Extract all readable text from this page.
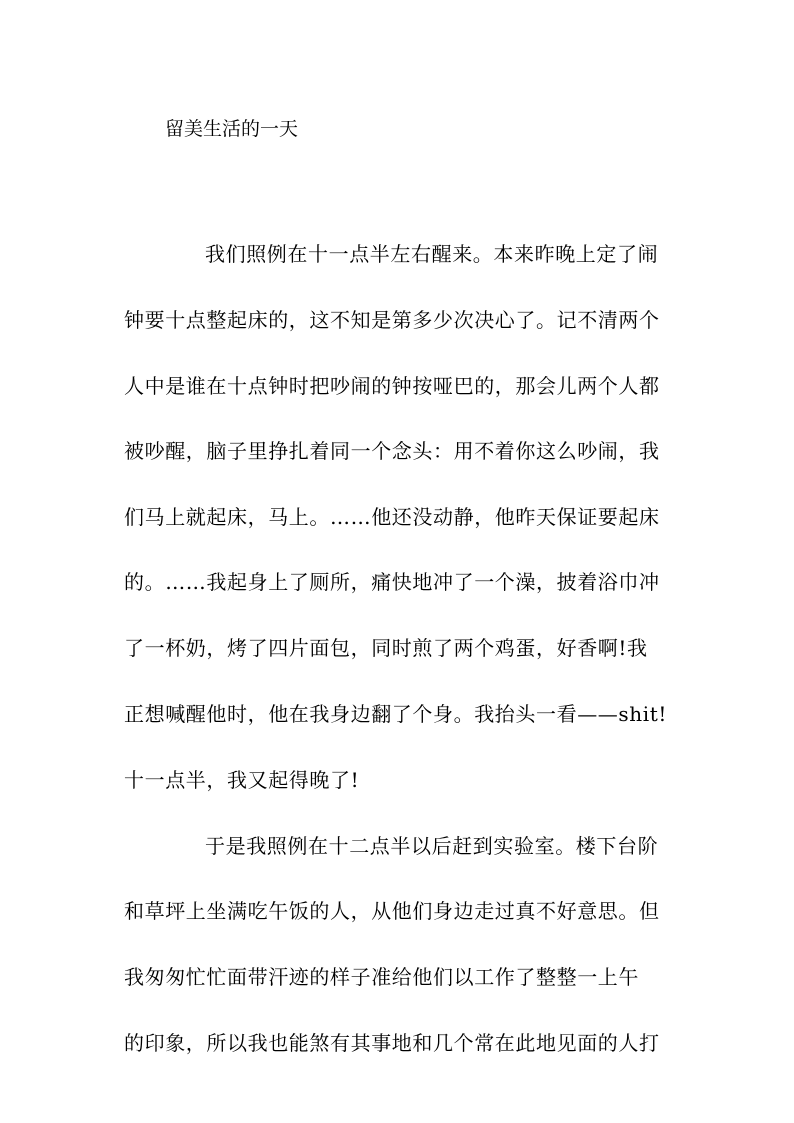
留美生活的一天
我们照例在十一点半左右醒来。本来昨晚上定了闹
钟要十点整起床的，这不知是第多少次决心了。记不清两个
人中是谁在十点钟时把吵闹的钟按哑巴的，那会儿两个人都
被吵醒，脑子里挣扎着同一个念头：用不着你这么吵闹，我
们马上就起床，马上。……他还没动静，他昨天保证要起床
的。……我起身上了厕所，痛快地冲了一个澡，披着浴巾冲
了一杯奶，烤了四片面包，同时煎了两个鸡蛋，好香啊!我
正想喊醒他时，他在我身边翻了个身。我抬头一看——shit!
十一点半，我又起得晚了!
于是我照例在十二点半以后赶到实验室。楼下台阶
和草坪上坐满吃午饭的人，从他们身边走过真不好意思。但
我匆匆忙忙面带汗迹的样子准给他们以工作了整整一上午
的印象，所以我也能煞有其事地和几个常在此地见面的人打
